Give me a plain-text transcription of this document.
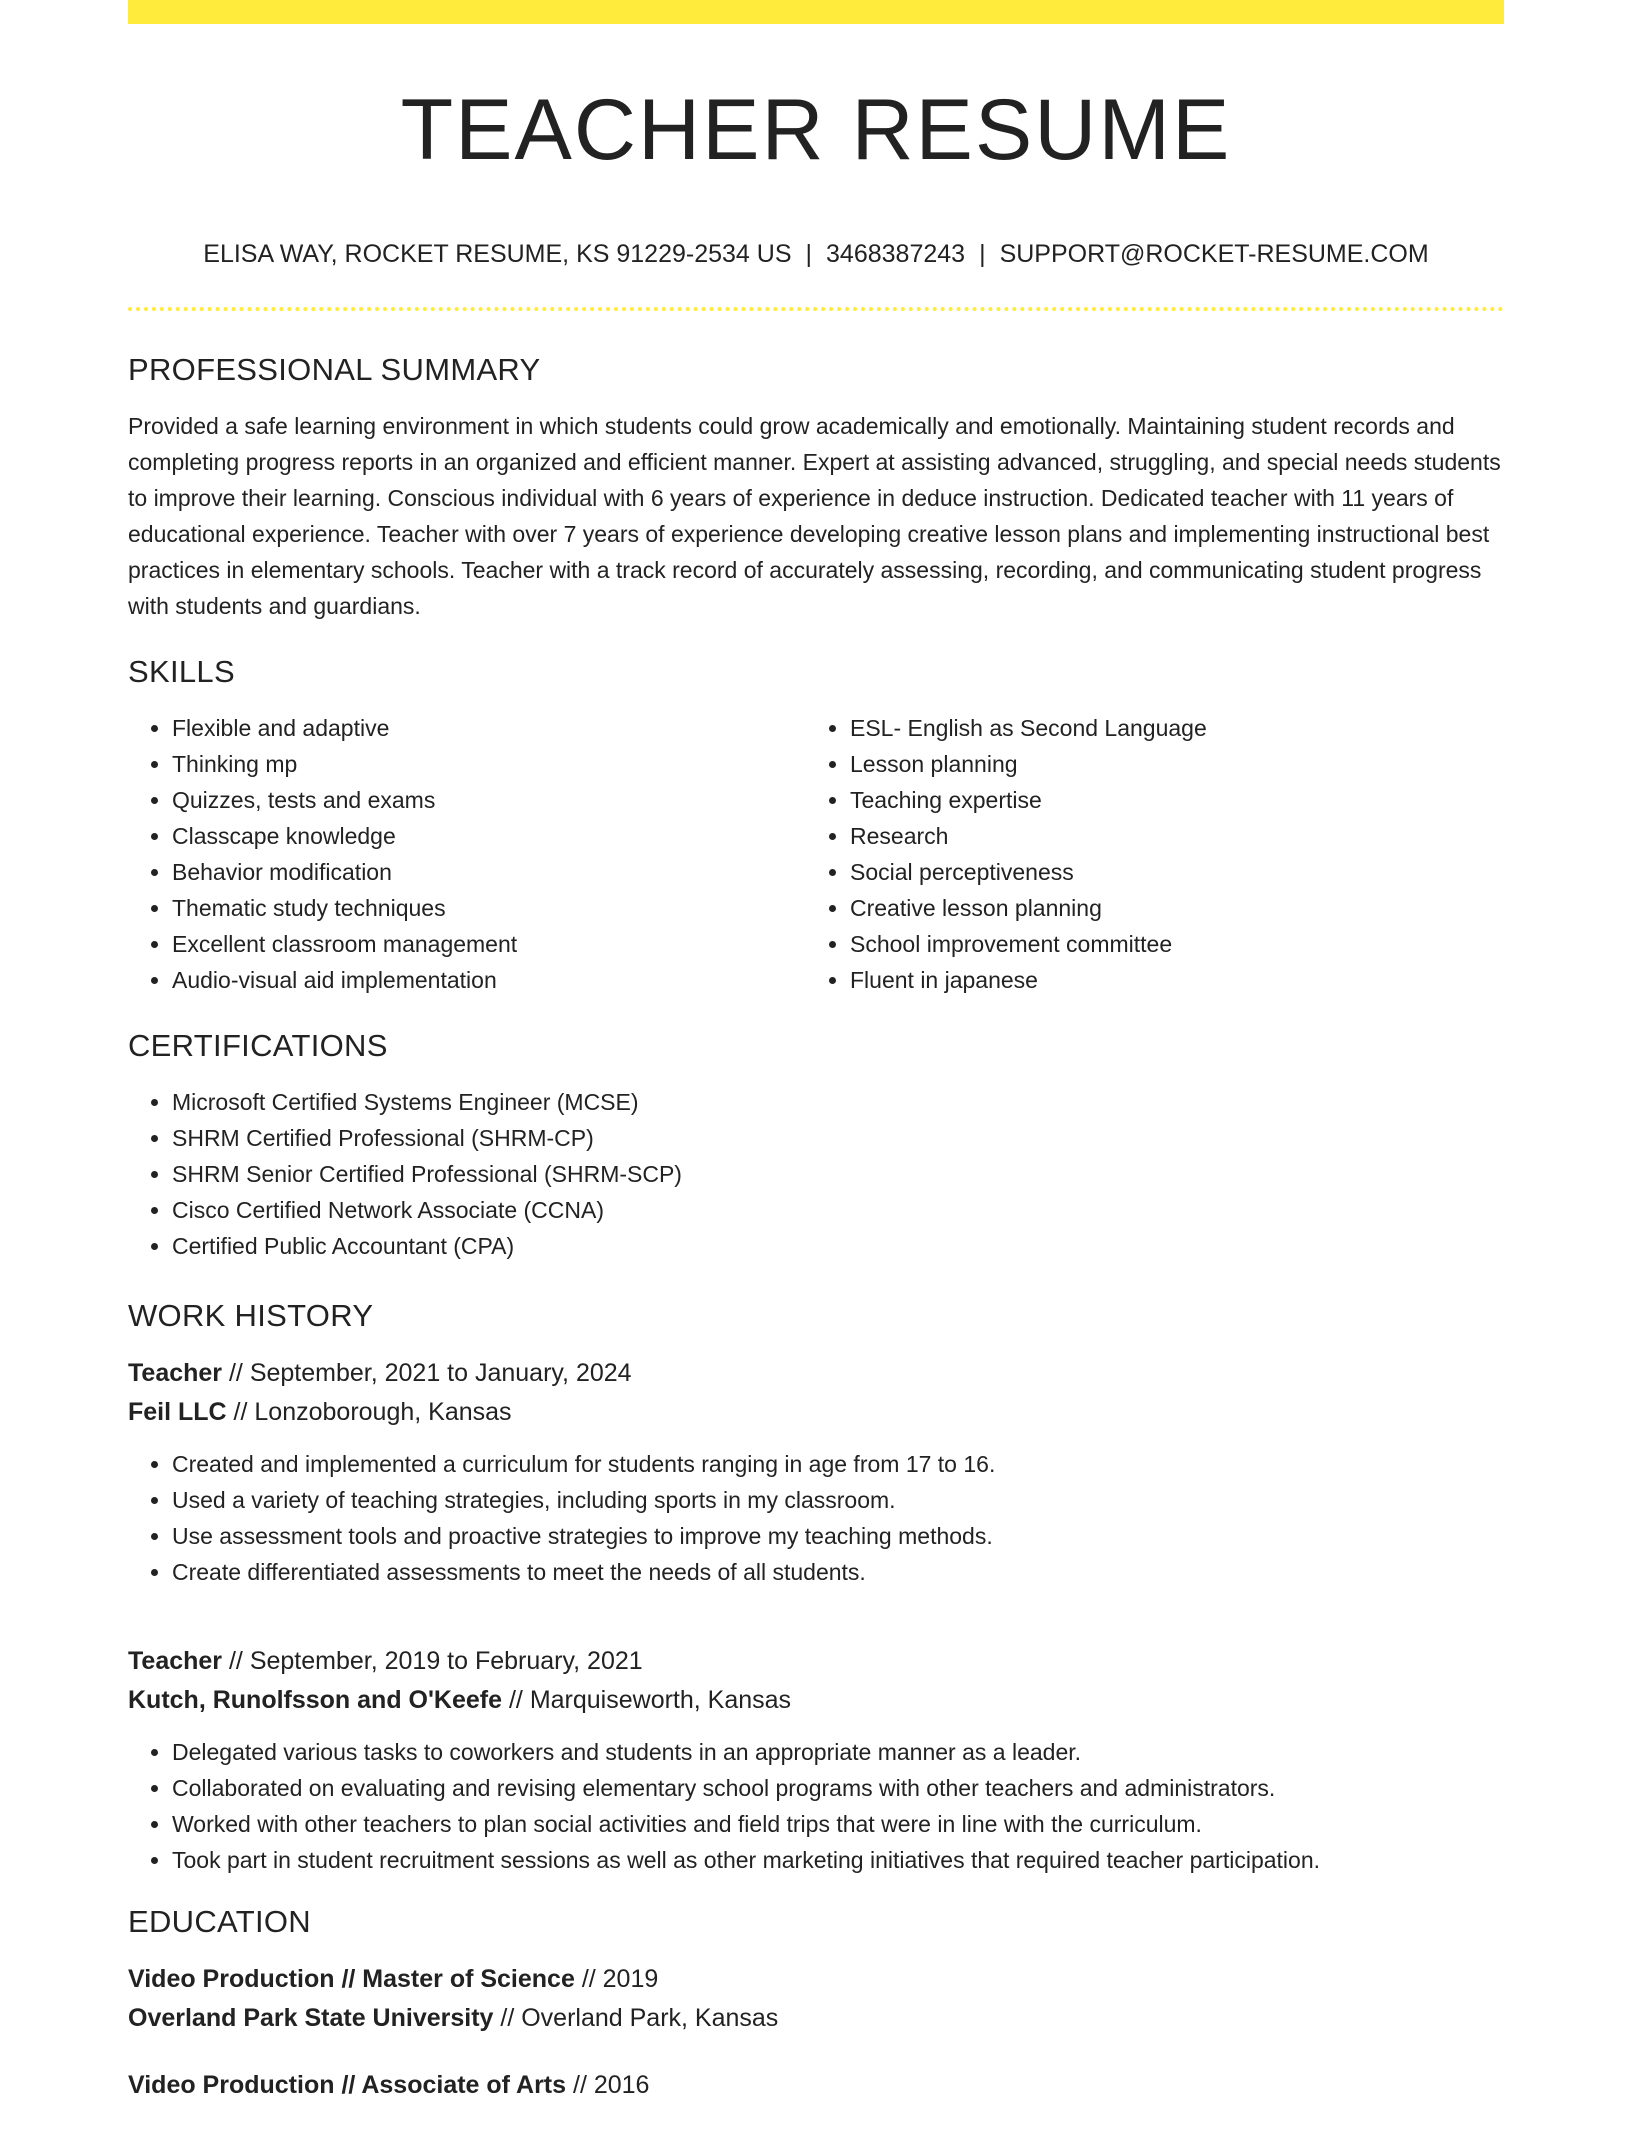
TEACHER RESUME
ELISA WAY, ROCKET RESUME, KS 91229-2534 US | 3468387243 | SUPPORT@ROCKET-RESUME.COM
PROFESSIONAL SUMMARY

Provided a safe learning environment in which students could grow academically and emotionally. Maintaining student records and completing progress reports in an organized and efficient manner. Expert at assisting advanced, struggling, and special needs students to improve their learning. Conscious individual with 6 years of experience in deduce instruction. Dedicated teacher with 11 years of educational experience. Teacher with over 7 years of experience developing creative lesson plans and implementing instructional best practices in elementary schools. Teacher with a track record of accurately assessing, recording, and communicating student progress with students and guardians.

SKILLS
• Flexible and adaptive
• Thinking mp
• Quizzes, tests and exams
• Classcape knowledge
• Behavior modification
• Thematic study techniques
• Excellent classroom management
• Audio-visual aid implementation
• ESL- English as Second Language
• Lesson planning
• Teaching expertise
• Research
• Social perceptiveness
• Creative lesson planning
• School improvement committee
• Fluent in japanese
CERTIFICATIONS
• Microsoft Certified Systems Engineer (MCSE)
• SHRM Certified Professional (SHRM-CP)
• SHRM Senior Certified Professional (SHRM-SCP)
• Cisco Certified Network Associate (CCNA)
• Certified Public Accountant (CPA)
WORK HISTORY
Teacher // September, 2021 to January, 2024
Feil LLC // Lonzoborough, Kansas
• Created and implemented a curriculum for students ranging in age from 17 to 16.
• Used a variety of teaching strategies, including sports in my classroom.
• Use assessment tools and proactive strategies to improve my teaching methods.
• Create differentiated assessments to meet the needs of all students.
Teacher // September, 2019 to February, 2021
Kutch, Runolfsson and O'Keefe // Marquiseworth, Kansas
• Delegated various tasks to coworkers and students in an appropriate manner as a leader.
• Collaborated on evaluating and revising elementary school programs with other teachers and administrators.
• Worked with other teachers to plan social activities and field trips that were in line with the curriculum.
• Took part in student recruitment sessions as well as other marketing initiatives that required teacher participation.
EDUCATION
Video Production // Master of Science // 2019
Overland Park State University // Overland Park, Kansas
Video Production // Associate of Arts // 2016
